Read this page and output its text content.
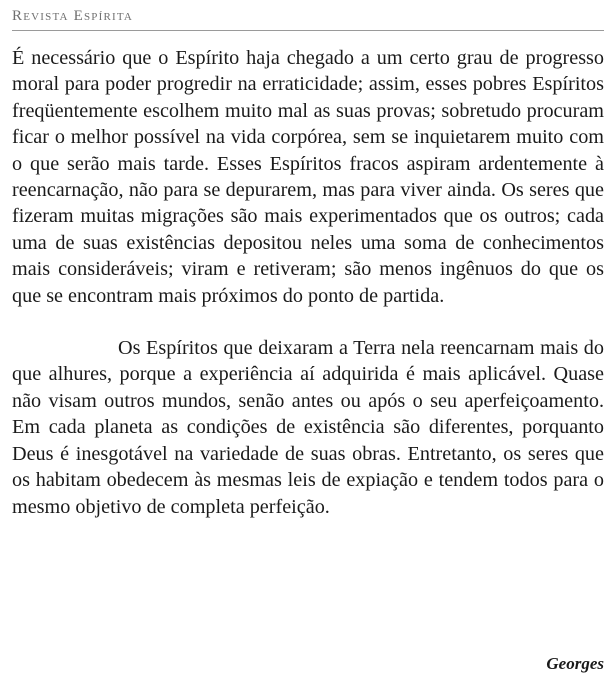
Revista Espírita

É necessário que o Espírito haja chegado a um certo grau de progresso moral para poder progredir na erraticidade; assim, esses pobres Espíritos freqüentemente escolhem muito mal as suas provas; sobretudo procuram ficar o melhor possível na vida corpórea, sem se inquietarem muito com o que serão mais tarde. Esses Espíritos fracos aspiram ardentemente à reencarnação, não para se depurarem, mas para viver ainda. Os seres que fizeram muitas migrações são mais experimentados que os outros; cada uma de suas existências depositou neles uma soma de conhecimentos mais consideráveis; viram e retiveram; são menos ingênuos do que os que se encontram mais próximos do ponto de partida.

Os Espíritos que deixaram a Terra nela reencarnam mais do que alhures, porque a experiência aí adquirida é mais aplicável. Quase não visam outros mundos, senão antes ou após o seu aperfeiçoamento. Em cada planeta as condições de existência são diferentes, porquanto Deus é inesgotável na variedade de suas obras. Entretanto, os seres que os habitam obedecem às mesmas leis de expiação e tendem todos para o mesmo objetivo de completa perfeição.

Georges
